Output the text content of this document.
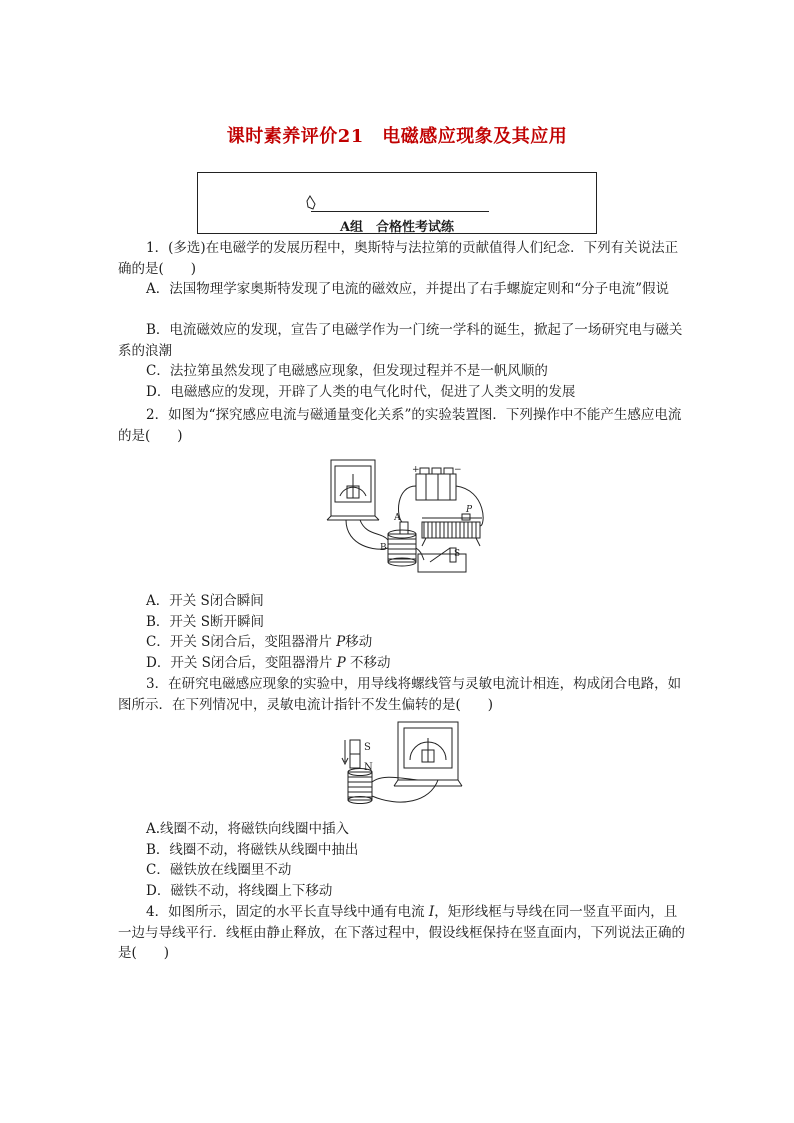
课时素养评价21　电磁感应现象及其应用
A组　合格性考试练
1．(多选)在电磁学的发展历程中，奥斯特与法拉第的贡献值得人们纪念．下列有关说法正确的是(　　)
A．法国物理学家奥斯特发现了电流的磁效应，并提出了右手螺旋定则和“分子电流”假说
B．电流磁效应的发现，宣告了电磁学作为一门统一学科的诞生，掀起了一场研究电与磁关系的浪潮
C．法拉第虽然发现了电磁感应现象，但发现过程并不是一帆风顺的
D．电磁感应的发现，开辟了人类的电气化时代，促进了人类文明的发展
2．如图为“探究感应电流与磁通量变化关系”的实验装置图．下列操作中不能产生感应电流的是(　　)
+	−
A
B
P
S
A．开关 S闭合瞬间
B．开关 S断开瞬间
C．开关 S闭合后，变阻器滑片 P移动
D．开关 S闭合后，变阻器滑片 P 不移动
3．在研究电磁感应现象的实验中，用导线将螺线管与灵敏电流计相连，构成闭合电路，如图所示．在下列情况中，灵敏电流计指针不发生偏转的是(　　)
S
N
A.线圈不动，将磁铁向线圈中插入
B．线圈不动，将磁铁从线圈中抽出
C．磁铁放在线圈里不动
D．磁铁不动，将线圈上下移动
4．如图所示，固定的水平长直导线中通有电流 I，矩形线框与导线在同一竖直平面内，且一边与导线平行．线框由静止释放，在下落过程中，假设线框保持在竖直面内，下列说法正确的是(　　)
